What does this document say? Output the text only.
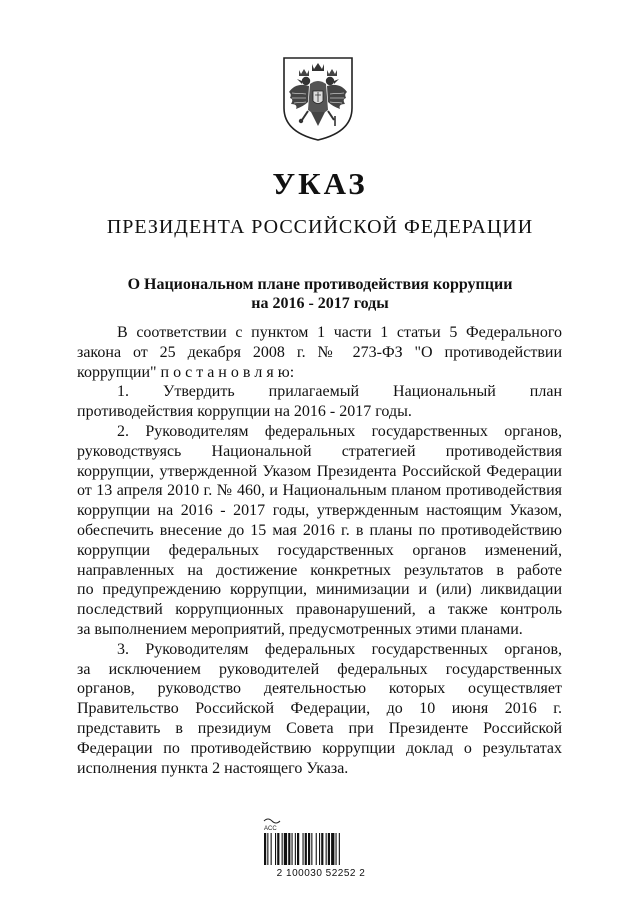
УКАЗ
ПРЕЗИДЕНТА РОССИЙСКОЙ ФЕДЕРАЦИИ
О Национальном плане противодействия коррупции
на 2016 - 2017 годы
В соответствии с пунктом 1 части 1 статьи 5 Федерального
закона от 25 декабря 2008 г. № 273-ФЗ "О противодействии
коррупции" п о с т а н о в л я ю:
1. Утвердить прилагаемый Национальный план
противодействия коррупции на 2016 - 2017 годы.
2. Руководителям федеральных государственных органов,
руководствуясь Национальной стратегией противодействия
коррупции, утвержденной Указом Президента Российской Федерации
от 13 апреля 2010 г. № 460, и Национальным планом противодействия
коррупции на 2016 - 2017 годы, утвержденным настоящим Указом,
обеспечить внесение до 15 мая 2016 г. в планы по противодействию
коррупции федеральных государственных органов изменений,
направленных на достижение конкретных результатов в работе
по предупреждению коррупции, минимизации и (или) ликвидации
последствий коррупционных правонарушений, а также контроль
за выполнением мероприятий, предусмотренных этими планами.
3. Руководителям федеральных государственных органов,
за исключением руководителей федеральных государственных
органов, руководство деятельностью которых осуществляет
Правительство Российской Федерации, до 10 июня 2016 г.
представить в президиум Совета при Президенте Российской
Федерации по противодействию коррупции доклад о результатах
исполнения пункта 2 настоящего Указа.
ACC
2 100030 52252 2
